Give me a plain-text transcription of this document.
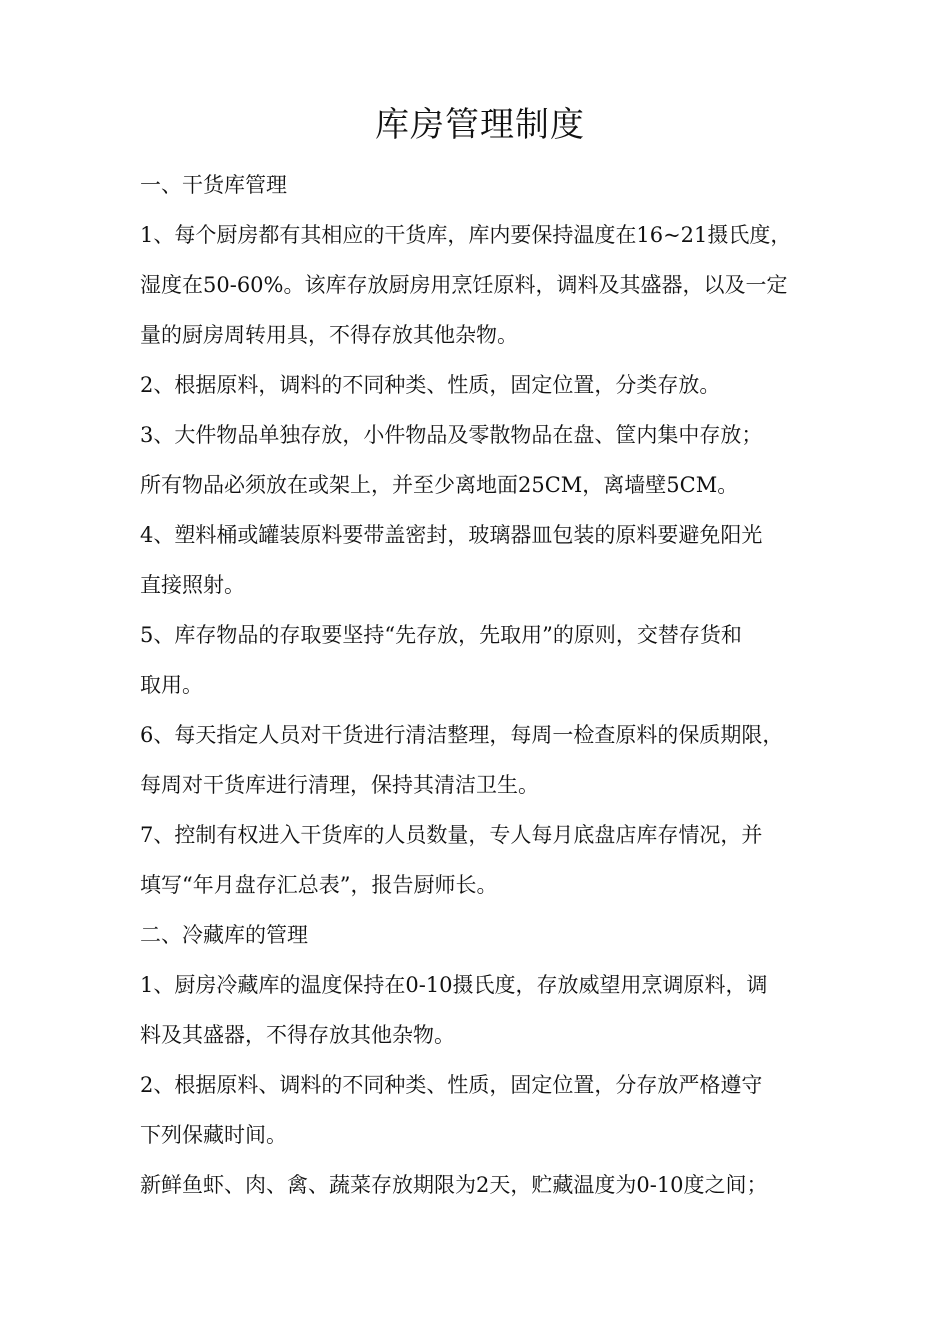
库房管理制度

一、干货库管理

1、每个厨房都有其相应的干货库，库内要保持温度在16~21摄氏度，
湿度在50-60%。该库存放厨房用烹饪原料，调料及其盛器，以及一定
量的厨房周转用具，不得存放其他杂物。

2、根据原料，调料的不同种类、性质，固定位置，分类存放。

3、大件物品单独存放，小件物品及零散物品在盘、筐内集中存放；
所有物品必须放在或架上，并至少离地面25CM，离墙壁5CM。

4、塑料桶或罐装原料要带盖密封，玻璃器皿包装的原料要避免阳光
直接照射。

5、库存物品的存取要坚持“先存放，先取用”的原则，交替存货和
取用。

6、每天指定人员对干货进行清洁整理，每周一检查原料的保质期限，
每周对干货库进行清理，保持其清洁卫生。

7、控制有权进入干货库的人员数量，专人每月底盘店库存情况，并
填写“年月盘存汇总表”，报告厨师长。

二、冷藏库的管理

1、厨房冷藏库的温度保持在0-10摄氏度，存放威望用烹调原料，调
料及其盛器，不得存放其他杂物。

2、根据原料、调料的不同种类、性质，固定位置，分存放严格遵守
下列保藏时间。

新鲜鱼虾、肉、禽、蔬菜存放期限为2天，贮藏温度为0-10度之间；
